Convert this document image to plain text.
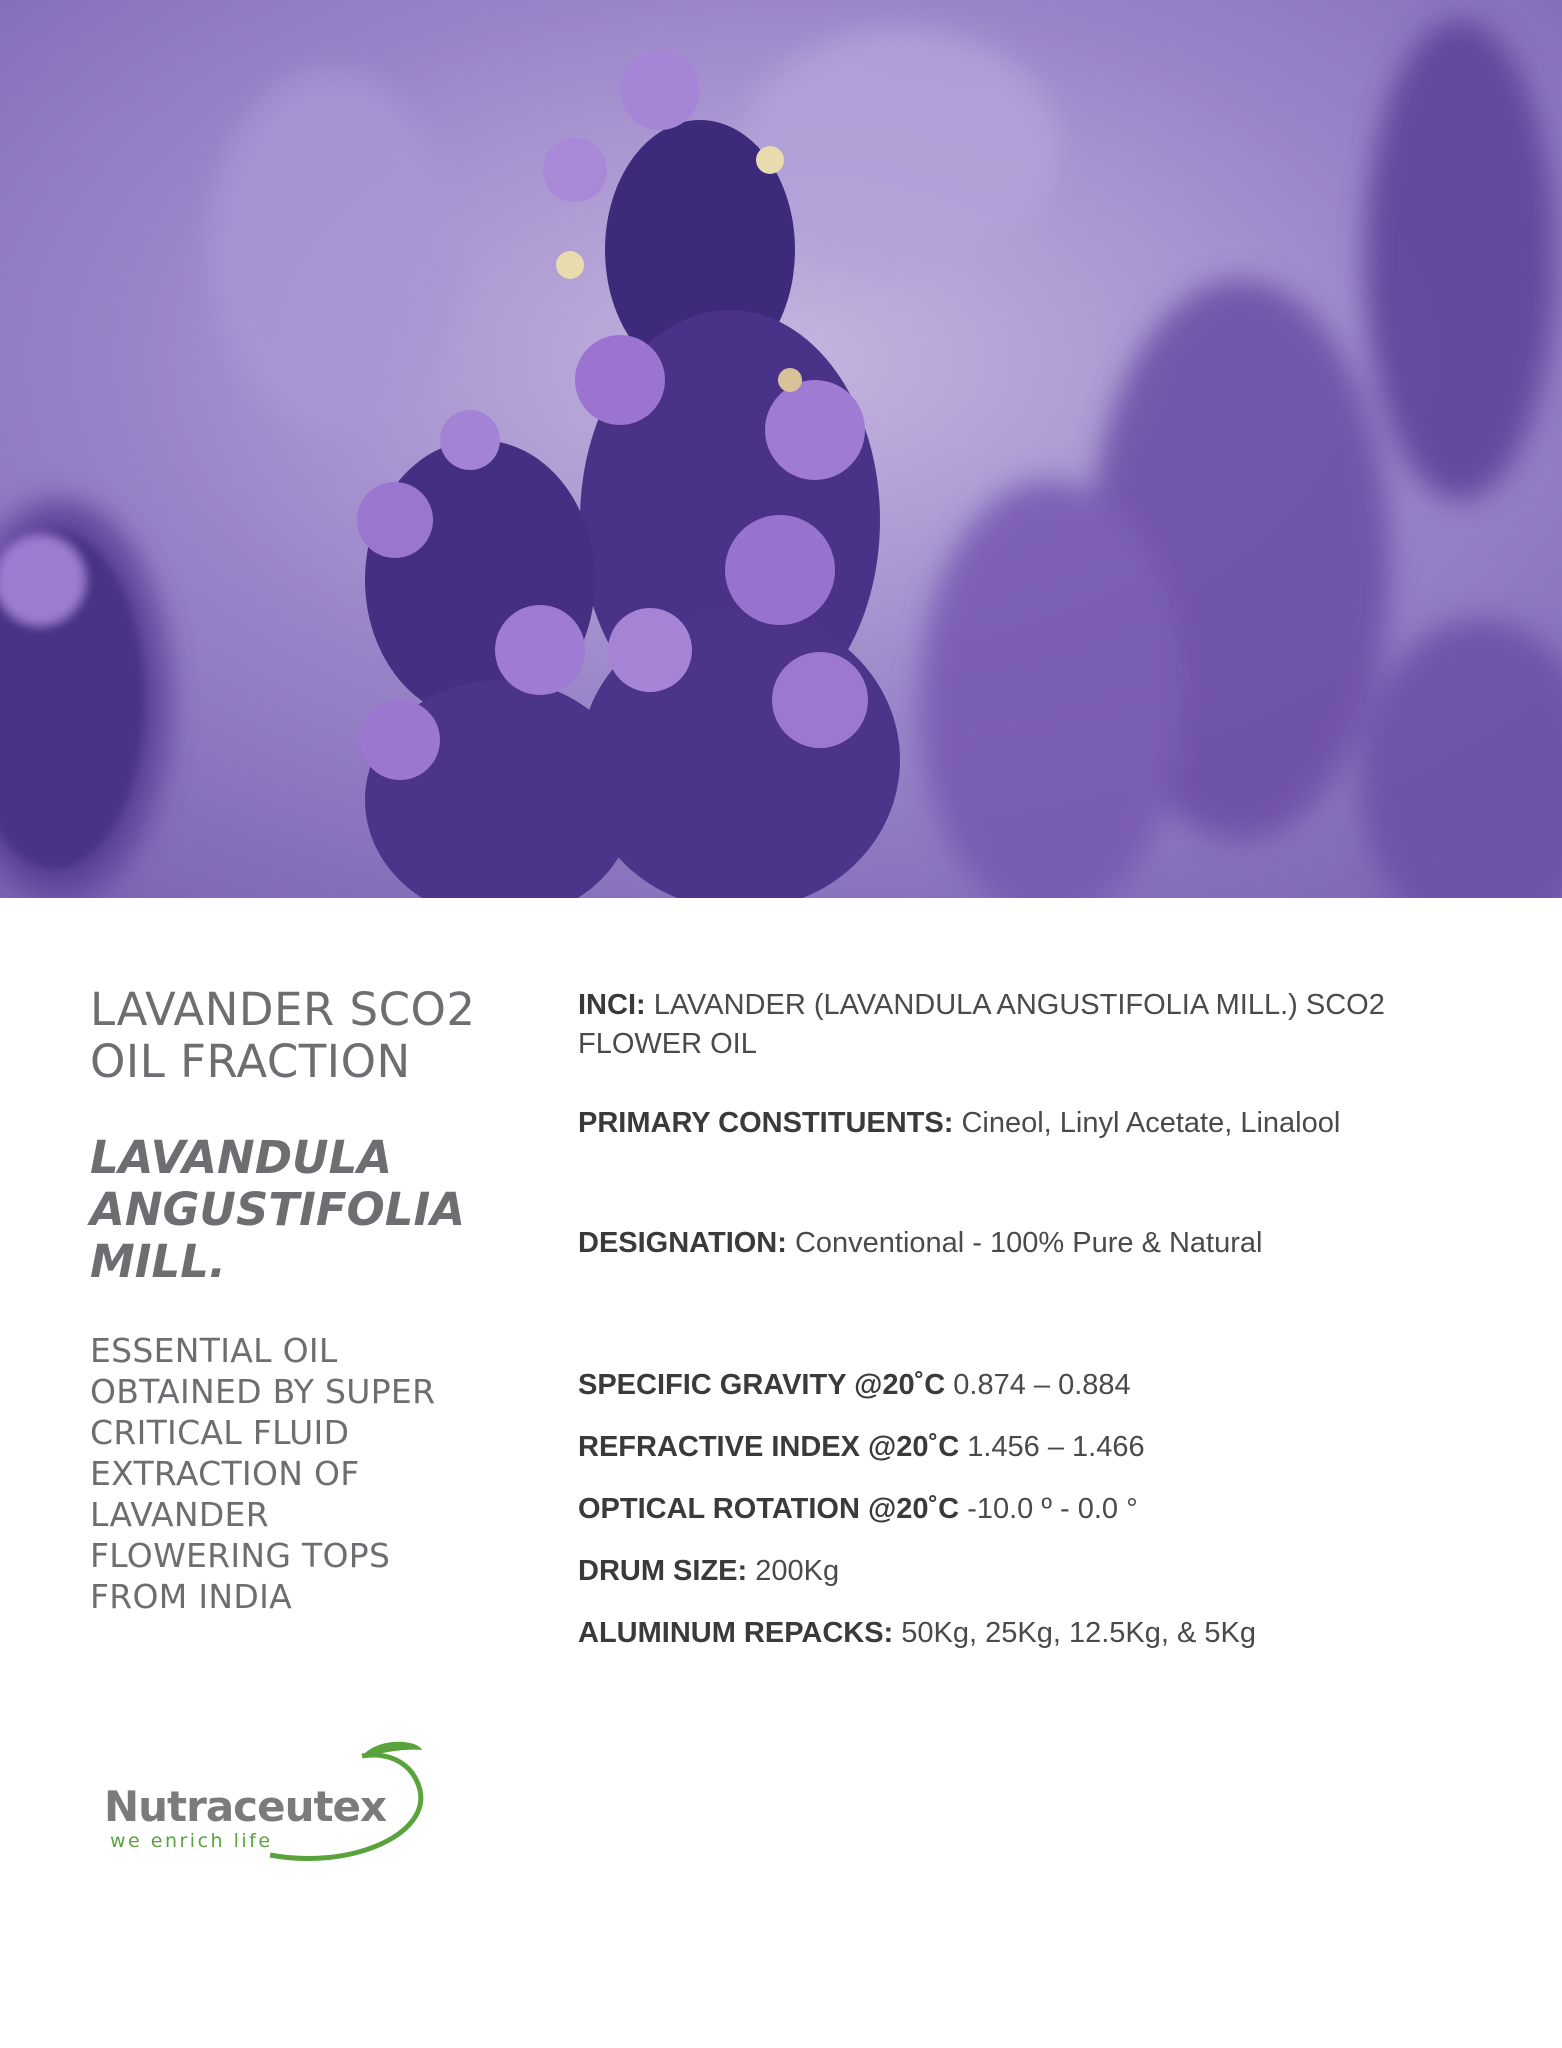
LAVANDER SCO2
OIL FRACTION
LAVANDULA
ANGUSTIFOLIA
MILL.

ESSENTIAL OIL
OBTAINED BY SUPER
CRITICAL FLUID
EXTRACTION OF
LAVANDER
FLOWERING TOPS
FROM INDIA

INCI: LAVANDER (LAVANDULA ANGUSTIFOLIA MILL.) SCO2 FLOWER OIL

PRIMARY CONSTITUENTS: Cineol, Linyl Acetate, Linalool

DESIGNATION: Conventional - 100% Pure & Natural

SPECIFIC GRAVITY @20˚C 0.874 – 0.884

REFRACTIVE INDEX @20˚C 1.456 – 1.466

OPTICAL ROTATION @20˚C -10.0 º - 0.0 °

DRUM SIZE: 200Kg

ALUMINUM REPACKS: 50Kg, 25Kg, 12.5Kg, & 5Kg

Nutraceutex
we enrich life
